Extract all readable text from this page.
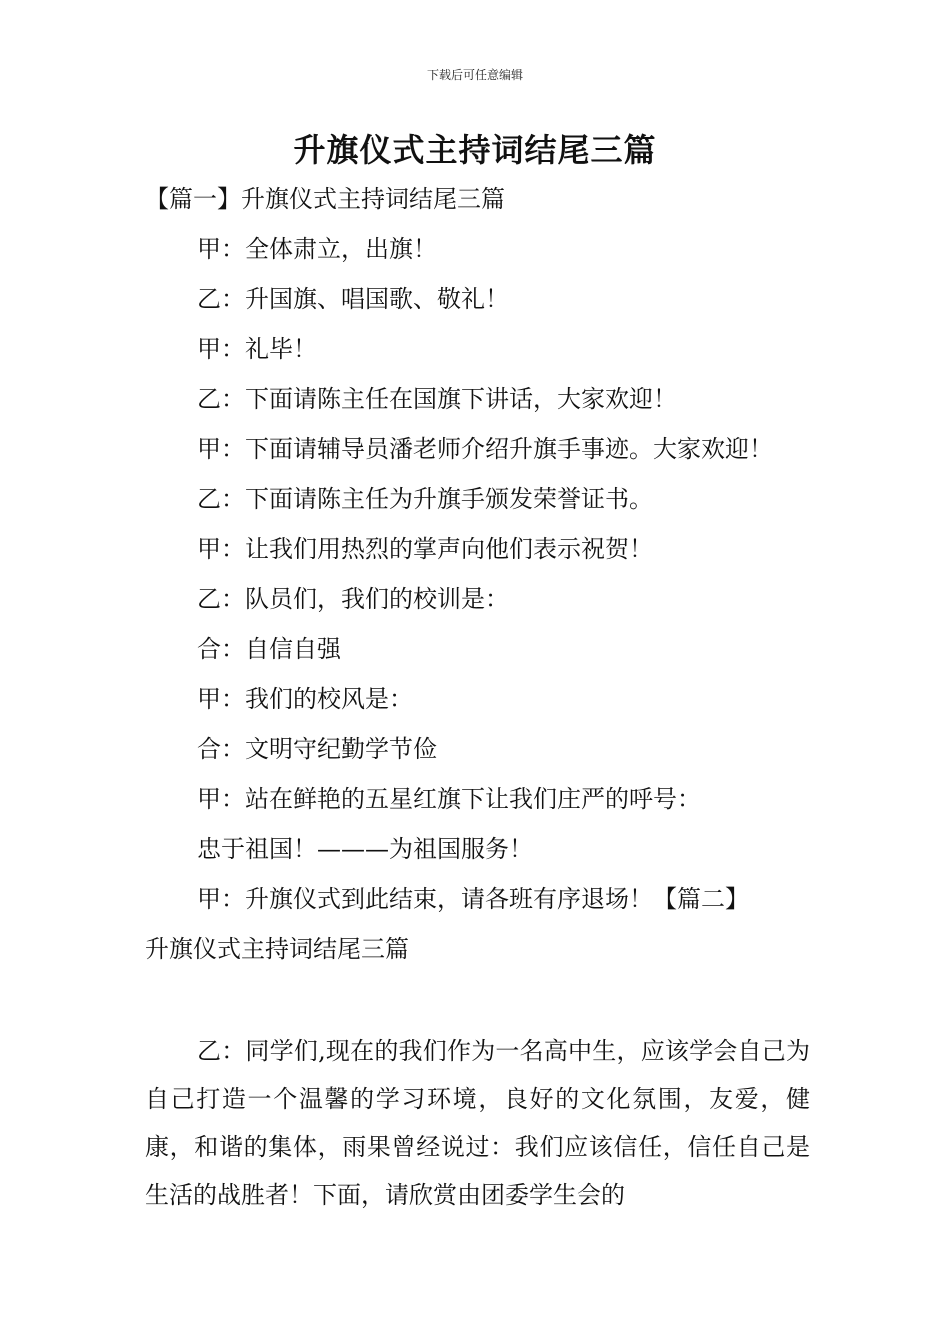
下载后可任意编辑
升旗仪式主持词结尾三篇
【篇一】升旗仪式主持词结尾三篇
甲：全体肃立，出旗！
乙：升国旗、唱国歌、敬礼！
甲：礼毕！
乙：下面请陈主任在国旗下讲话，大家欢迎！
甲：下面请辅导员潘老师介绍升旗手事迹。大家欢迎！
乙：下面请陈主任为升旗手颁发荣誉证书。
甲：让我们用热烈的掌声向他们表示祝贺！
乙：队员们，我们的校训是：
合：自信自强
甲：我们的校风是：
合：文明守纪勤学节俭
甲：站在鲜艳的五星红旗下让我们庄严的呼号：
忠于祖国！———为祖国服务！
甲：升旗仪式到此结束，请各班有序退场！【篇二】
升旗仪式主持词结尾三篇
乙：同学们,现在的我们作为一名高中生，应该学会自己为自己打造一个温馨的学习环境，良好的文化氛围，友爱，健康，和谐的集体，雨果曾经说过：我们应该信任，信任自己是生活的战胜者！下面，请欣赏由团委学生会的
